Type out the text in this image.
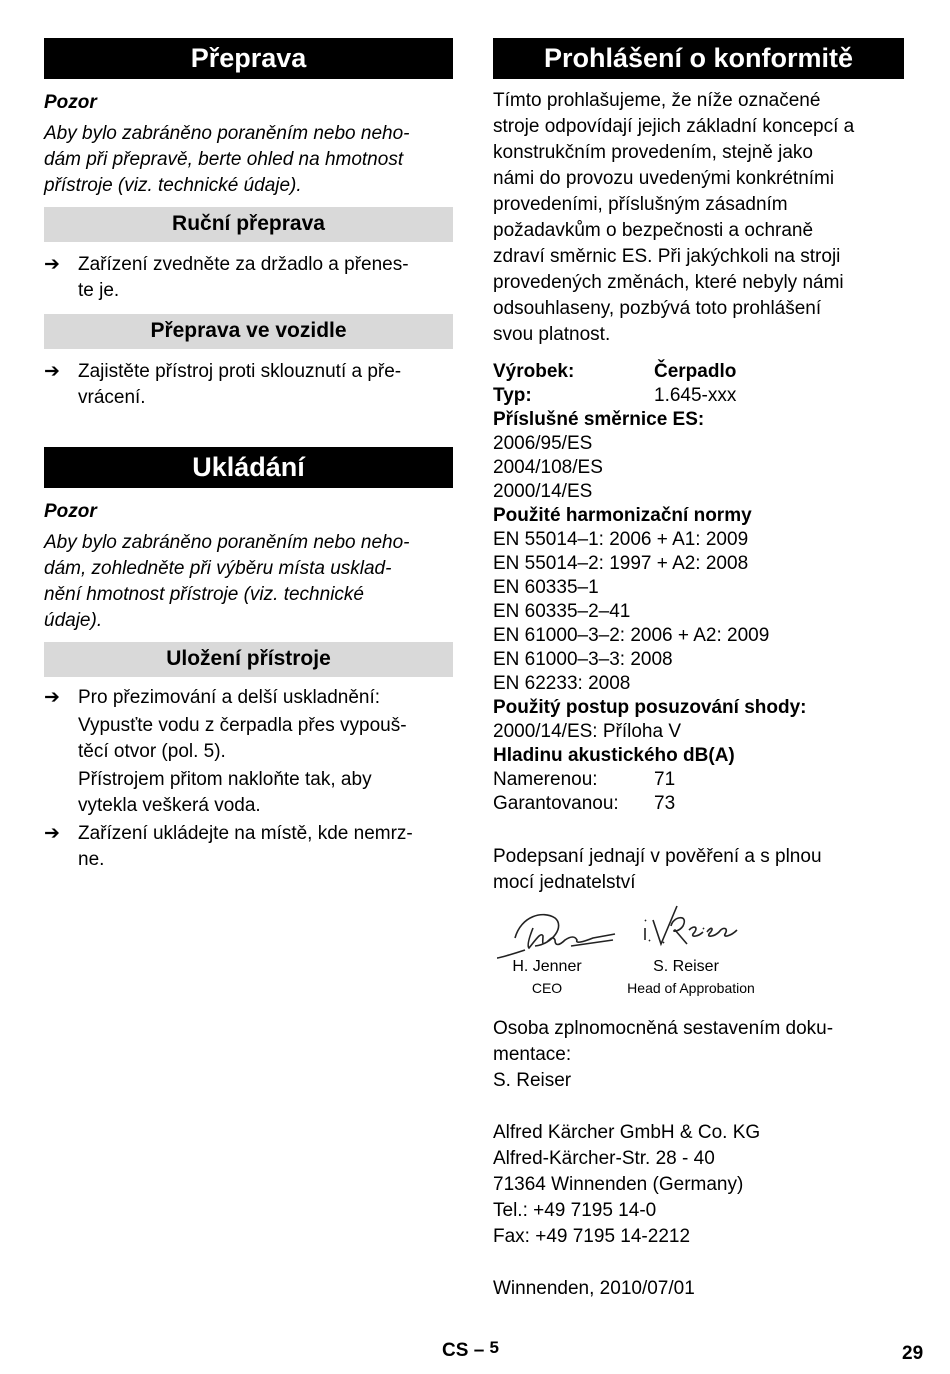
Přeprava
Pozor
Aby bylo zabráněno poraněním nebo neho-
dám při přepravě, berte ohled na hmotnost
přístroje (viz. technické údaje).
Ruční přeprava
➔ Zařízení zvedněte za držadlo a přenes-
te je.
Přeprava ve vozidle
➔ Zajistěte přístroj proti sklouznutí a pře-
vrácení.
Ukládání
Pozor
Aby bylo zabráněno poraněním nebo neho-
dám, zohledněte při výběru místa usklad-
nění hmotnost přístroje (viz. technické
údaje).
Uložení přístroje
➔ Pro přezimování a delší uskladnění:
Vypusťte vodu z čerpadla přes vypouš-
těcí otvor (pol. 5).
Přístrojem přitom nakloňte tak, aby
vytekla veškerá voda.
➔ Zařízení ukládejte na místě, kde nemrz-
ne.
Prohlášení o konformitě
Tímto prohlašujeme, že níže označené
stroje odpovídají jejich základní koncepcí a
konstrukčním provedením, stejně jako
námi do provozu uvedenými konkrétními
provedeními, příslušným zásadním
požadavkům o bezpečnosti a ochraně
zdraví směrnic ES. Při jakýchkoli na stroji
provedených změnách, které nebyly námi
odsouhlaseny, pozbývá toto prohlášení
svou platnost.
Výrobek:	Čerpadlo
Typ:	1.645-xxx
Příslušné směrnice ES:
2006/95/ES
2004/108/ES
2000/14/ES
Použité harmonizační normy
EN 55014–1: 2006 + A1: 2009
EN 55014–2: 1997 + A2: 2008
EN 60335–1
EN 60335–2–41
EN 61000–3–2: 2006 + A2: 2009
EN 61000–3–3: 2008
EN 62233: 2008
Použitý postup posuzování shody:
2000/14/ES: Příloha V
Hladinu akustického dB(A)
Namerenou:	71
Garantovanou: 73
Podepsaní jednají v pověření a s plnou
mocí jednatelství
H. Jenner
CEO
S. Reiser
Head of Approbation
Osoba zplnomocněná sestavením doku-
mentace:
S. Reiser
Alfred Kärcher GmbH & Co. KG
Alfred-Kärcher-Str. 28 - 40
71364 Winnenden (Germany)
Tel.: +49 7195 14-0
Fax: +49 7195 14-2212
Winnenden, 2010/07/01
CS – 5	29
